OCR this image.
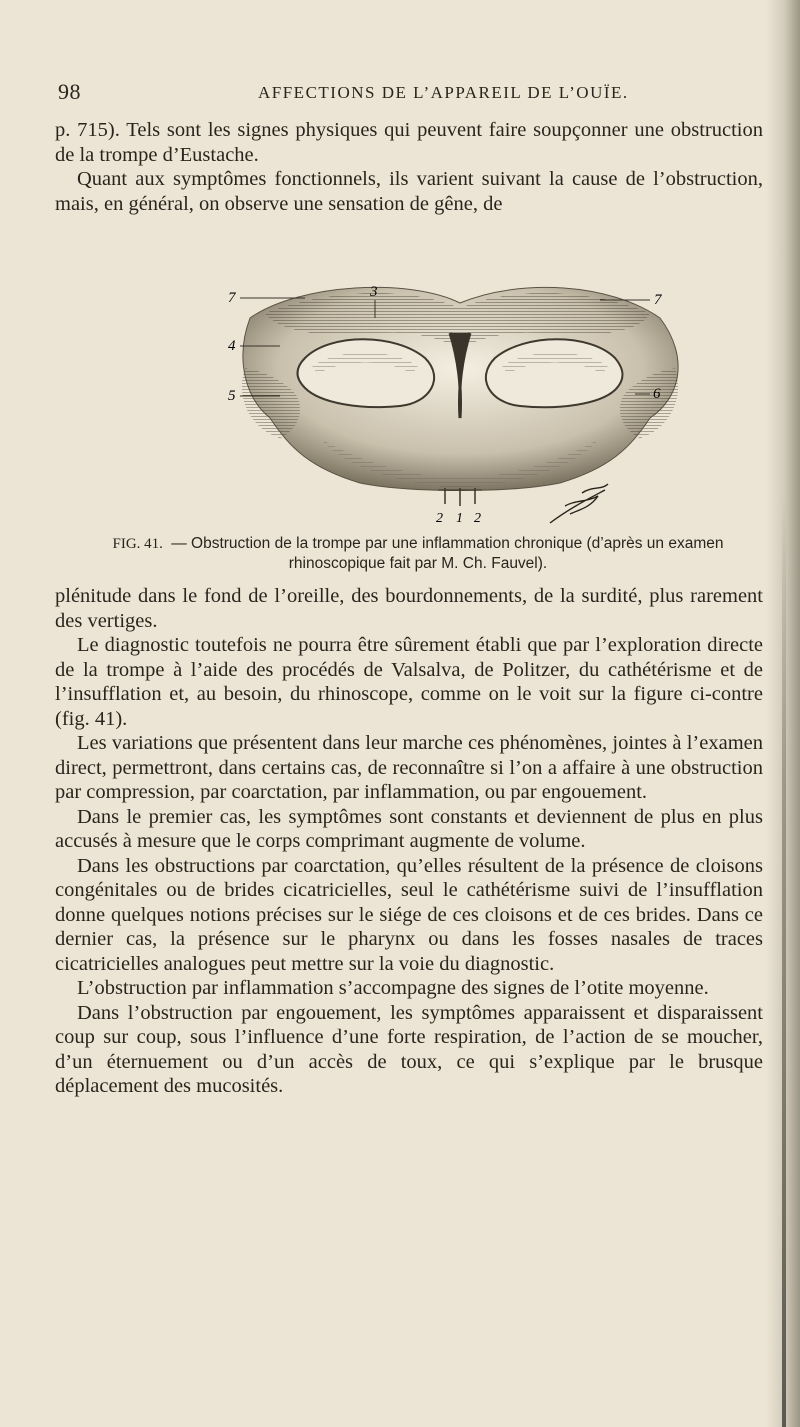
98	AFFECTIONS DE L’APPAREIL DE L’OUÏE.

p. 715). Tels sont les signes physiques qui peuvent faire soupçonner une obstruction de la trompe d’Eustache.

Quant aux symptômes fonctionnels, ils varient suivant la cause de l’obstruction, mais, en général, on observe une sensation de gêne, de

7	3	7
4
5	6
2 1 2
FIG. 41. — Obstruction de la trompe par une inflammation chronique (d’après un examen rhinoscopique fait par M. Ch. Fauvel).

plénitude dans le fond de l’oreille, des bourdonnements, de la surdité, plus rarement des vertiges.

Le diagnostic toutefois ne pourra être sûrement établi que par l’exploration directe de la trompe à l’aide des procédés de Valsalva, de Politzer, du cathétérisme et de l’insufflation et, au besoin, du rhinoscope, comme on le voit sur la figure ci-contre (fig. 41).

Les variations que présentent dans leur marche ces phénomènes, jointes à l’examen direct, permettront, dans certains cas, de reconnaître si l’on a affaire à une obstruction par compression, par coarctation, par inflammation, ou par engouement.

Dans le premier cas, les symptômes sont constants et deviennent de plus en plus accusés à mesure que le corps comprimant augmente de volume.

Dans les obstructions par coarctation, qu’elles résultent de la présence de cloisons congénitales ou de brides cicatricielles, seul le cathétérisme suivi de l’insufflation donne quelques notions précises sur le siége de ces cloisons et de ces brides. Dans ce dernier cas, la présence sur le pharynx ou dans les fosses nasales de traces cicatricielles analogues peut mettre sur la voie du diagnostic.

L’obstruction par inflammation s’accompagne des signes de l’otite moyenne.

Dans l’obstruction par engouement, les symptômes apparaissent et disparaissent coup sur coup, sous l’influence d’une forte respiration, de l’action de se moucher, d’un éternuement ou d’un accès de toux, ce qui s’explique par le brusque déplacement des mucosités.
